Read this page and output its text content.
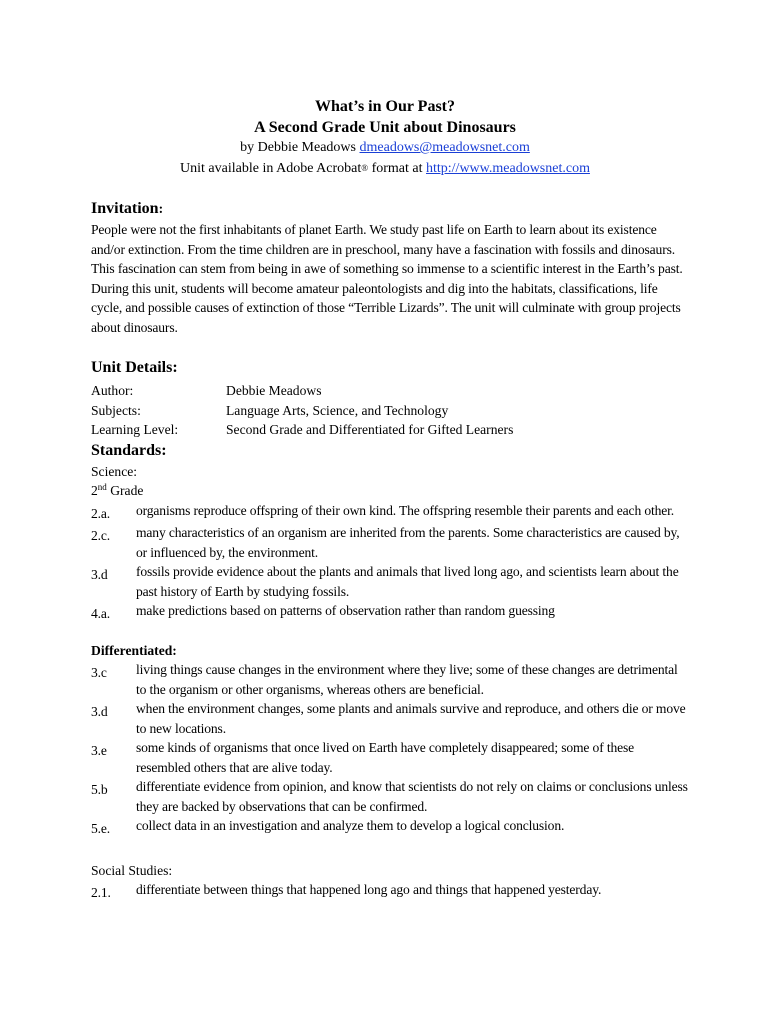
What’s in Our Past?

A Second Grade Unit about Dinosaurs

by Debbie Meadows dmeadows@meadowsnet.com

Unit available in Adobe Acrobat® format at http://www.meadowsnet.com

Invitation:

People were not the first inhabitants of planet Earth. We study past life on Earth to learn about its existence and/or extinction. From the time children are in preschool, many have a fascination with fossils and dinosaurs. This fascination can stem from being in awe of something so immense to a scientific interest in the Earth’s past. During this unit, students will become amateur paleontologists and dig into the habitats, classifications, life cycle, and possible causes of extinction of those “Terrible Lizards”. The unit will culminate with group projects about dinosaurs.

Unit Details:

Author:	Debbie Meadows
Subjects:	Language Arts, Science, and Technology
Learning Level:	Second Grade and Differentiated for Gifted Learners

Standards:

Science:

2nd Grade

2.a.	organisms reproduce offspring of their own kind. The offspring resemble their parents and each other.
2.c.	many characteristics of an organism are inherited from the parents. Some characteristics are caused by, or influenced by, the environment.
3.d	fossils provide evidence about the plants and animals that lived long ago, and scientists learn about the past history of Earth by studying fossils.
4.a.	make predictions based on patterns of observation rather than random guessing

Differentiated:

3.c	living things cause changes in the environment where they live; some of these changes are detrimental to the organism or other organisms, whereas others are beneficial.
3.d	when the environment changes, some plants and animals survive and reproduce, and others die or move to new locations.
3.e	some kinds of organisms that once lived on Earth have completely disappeared; some of these resembled others that are alive today.
5.b	differentiate evidence from opinion, and know that scientists do not rely on claims or conclusions unless they are backed by observations that can be confirmed.
5.e.	collect data in an investigation and analyze them to develop a logical conclusion.

Social Studies:

2.1.	differentiate between things that happened long ago and things that happened yesterday.
